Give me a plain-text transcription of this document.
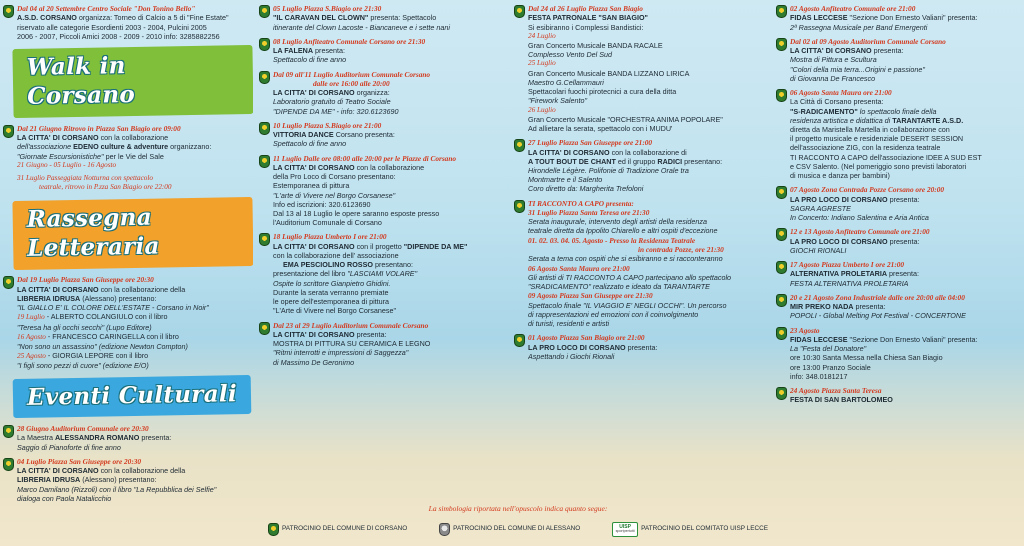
Dal 04 al 20 Settembre Centro Sociale "Don Tonino Bello"
A.S.D. CORSANO organizza: Torneo di Calcio a 5 di "Fine Estate"
riservato alle categorie Esordienti 2003 - 2004, Pulcini 2005
2006 - 2007, Piccoli Amici 2008 - 2009 - 2010 info: 3285882256
Walk in Corsano
Dal 21 Giugno Ritrovo in Piazza San Biagio ore 09:00
LA CITTA' DI CORSANO con la collaborazione
dell'associazione EDENO culture & adventure organizzano:
"Giornate Escursionistiche" per le Vie del Sale
21 Giugno - 05 Luglio - 16 Agosto
31 Luglio Passeggiata Notturna con spettacolo
teatrale, ritrovo in P.zza San Biagio ore 22:00
Rassegna Letteraria
Dal 19 Luglio Piazza San Giuseppe ore 20:30
LA CITTA' DI CORSANO con la collaborazione della
LIBRERIA IDRUSA (Alessano) presentano:
"IL GIALLO E' IL COLORE DELL'ESTATE - Corsano in Noir"
19 Luglio - ALBERTO COLANGIULO con il libro
"Teresa ha gli occhi secchi" (Lupo Editore)
16 Agosto - FRANCESCO CARINGELLA con il libro
"Non sono un assassino" (edizione Newton Compton)
25 Agosto - GIORGIA LEPORE con il libro
"I figli sono pezzi di cuore" (edizione E/O)
Eventi Culturali
28 Giugno Auditorium Comunale ore 20:30
La Maestra ALESSANDRA ROMANO presenta:
Saggio di Pianoforte di fine anno
04 Luglio Piazza San Giuseppe ore 20:30
LA CITTA' DI CORSANO con la collaborazione della
LIBRERIA IDRUSA (Alessano) presentano:
Marco Damilano (Rizzoli) con il libro "La Repubblica dei Selfie"
dialoga con Paola Natalicchio
05 Luglio Piazza S.Biagio ore 21:30
"IL CARAVAN DEL CLOWN" presenta: Spettacolo
itinerante del Clown Lacoste - Biancaneve e i sette nani
08 Luglio Anfiteatro Comunale Corsano ore 21:30
LA FALENA presenta:
Spettacolo di fine anno
Dal 09 all'11 Luglio Auditorium Comunale Corsano
dalle ore 16:00 alle 20:00
LA CITTA' DI CORSANO organizza:
Laboratorio gratuito di Teatro Sociale
"DIPENDE DA ME" - info: 320.6123690
10 Luglio Piazza S.Biagio ore 21:00
VITTORIA DANCE Corsano presenta:
Spettacolo di fine anno
11 Luglio Dalle ore 08:00 alle 20:00 per le Piazze di Corsano
LA CITTA' DI CORSANO con la collaborazione
della Pro Loco di Corsano presentano:
Estemporanea di pittura
"L'arte di Vivere nel Borgo Corsanese"
Info ed iscrizioni: 320.6123690
Dal 13 al 18 Luglio le opere saranno esposte presso
l'Auditorium Comunale di Corsano
18 Luglio Piazza Umberto I ore 21:00
LA CITTA' DI CORSANO con il progetto "DIPENDE DA ME"
con la collaborazione dell' associazione
EMA PESCIOLINO ROSSO presentano:
presentazione del libro "LASCIAMI VOLARE"
Ospite lo scrittore Gianpietro Ghidini.
Durante la serata verranno premiate
le opere dell'estemporanea di pittura
"L'Arte di Vivere nel Borgo Corsanese"
Dal 23 al 29 Luglio Auditorium Comunale Corsano
LA CITTA' DI CORSANO presenta:
MOSTRA DI PITTURA SU CERAMICA E LEGNO
"Ritmi interrotti e impressioni di Saggezza"
di Massimo De Geronimo
Dal 24 al 26 Luglio Piazza San Biagio
FESTA PATRONALE "SAN BIAGIO"
Si esibiranno i Complessi Bandistici:
24 Luglio
Gran Concerto Musicale BANDA RACALE
Complesso Vento Del Sud
25 Luglio
Gran Concerto Musicale BANDA LIZZANO LIRICA
Maestro G.Cellammauri
Spettacolari fuochi pirotecnici a cura della ditta
"Firework Salento"
26 Luglio
Gran Concerto Musicale "ORCHESTRA ANIMA POPOLARE"
Ad allietare la serata, spettacolo con i MUDU'
27 Luglio Piazza San Giuseppe ore 21:00
LA CITTA' DI CORSANO con la collaborazione di
A TOUT BOUT DE CHANT ed il gruppo RADICI presentano:
Hirondelle Légère. Polifonie di Tradizione Orale tra
Montmartre e il Salento
Coro diretto da: Margherita Trefoloni
TI RACCONTO A CAPO presenta:
31 Luglio Piazza Santa Teresa ore 21:30
Serata inaugurale, intervento degli artisti della residenza
teatrale diretta da Ippolito Chiarello e altri ospiti d'eccezione
01. 02. 03. 04. 05. Agosto - Presso la Residenza Teatrale
in contrada Pozze, ore 21:30
Serata a tema con ospiti che si esibiranno e si racconteranno
06 Agosto Santa Maura ore 21:00
Gli artisti di TI RACCONTO A CAPO partecipano allo spettacolo
"SRADICAMENTO" realizzato e ideato da TARANTARTE
09 Agosto Piazza San Giuseppe ore 21:30
Spettacolo finale "IL VIAGGIO E' NEGLI OCCHI". Un percorso
di rappresentazioni ed emozioni con il coinvolgimento
di turisti, residenti e artisti
01 Agosto Piazza San Biagio ore 21:00
LA PRO LOCO DI CORSANO presenta:
Aspettando i Giochi Rionali
02 Agosto Anfiteatro Comunale ore 21:00
FIDAS LECCESE "Sezione Don Ernesto Valiani" presenta:
2ª Rassegna Musicale per Band Emergenti
Dal 02 al 09 Agosto Auditorium Comunale Corsano
LA CITTA' DI CORSANO presenta:
Mostra di Pittura e Scultura
"Colori della mia terra...Origini e passione"
di Giovanna De Francesco
06 Agosto Santa Maura ore 21:00
La Città di Corsano presenta:
"S-RADICAMENTO" lo spettacolo finale della
residenza artistica e didattica di TARANTARTE A.S.D.
diretta da Maristella Martella in collaborazione con
il progetto musicale e residenziale DESERT SESSION
dell'associazione ZIG, con la residenza teatrale
TI RACCONTO A CAPO dell'associazione IDEE A SUD EST
e CSV Salento. (Nel pomeriggio sono previsti laboratori
di musica e danza per bambini)
07 Agosto Zona Contrada Pozze Corsano ore 20:00
LA PRO LOCO DI CORSANO presenta:
SAGRA AGRESTE
In Concerto: Indiano Salentina e Aria Antica
12 e 13 Agosto Anfiteatro Comunale ore 21:00
LA PRO LOCO DI CORSANO presenta:
GIOCHI RIONALI
17 Agosto Piazza Umberto I ore 21:00
ALTERNATIVA PROLETARIA presenta:
FESTA ALTERNATIVA PROLETARIA
20 e 21 Agosto Zona Industriale dalle ore 20:00 alle 04:00
MIR PREKO NADA presenta:
POPOLI - Global Melting Pot Festival - CONCERTONE
23 Agosto
FIDAS LECCESE "Sezione Don Ernesto Valiani" presenta:
La "Festa del Donatore"
ore 10:30 Santa Messa nella Chiesa San Biagio
ore 13:00 Pranzo Sociale
info: 348.0181217
24 Agosto Piazza Santa Teresa
FESTA DI SAN BARTOLOMEO
La simbologia riportata nell'opuscolo indica quanto segue:
PATROCINIO DEL COMUNE DI CORSANO	PATROCINIO DEL COMUNE DI ALESSANO	UISP
sportpertutti PATROCINIO DEL COMITATO UISP LECCE
